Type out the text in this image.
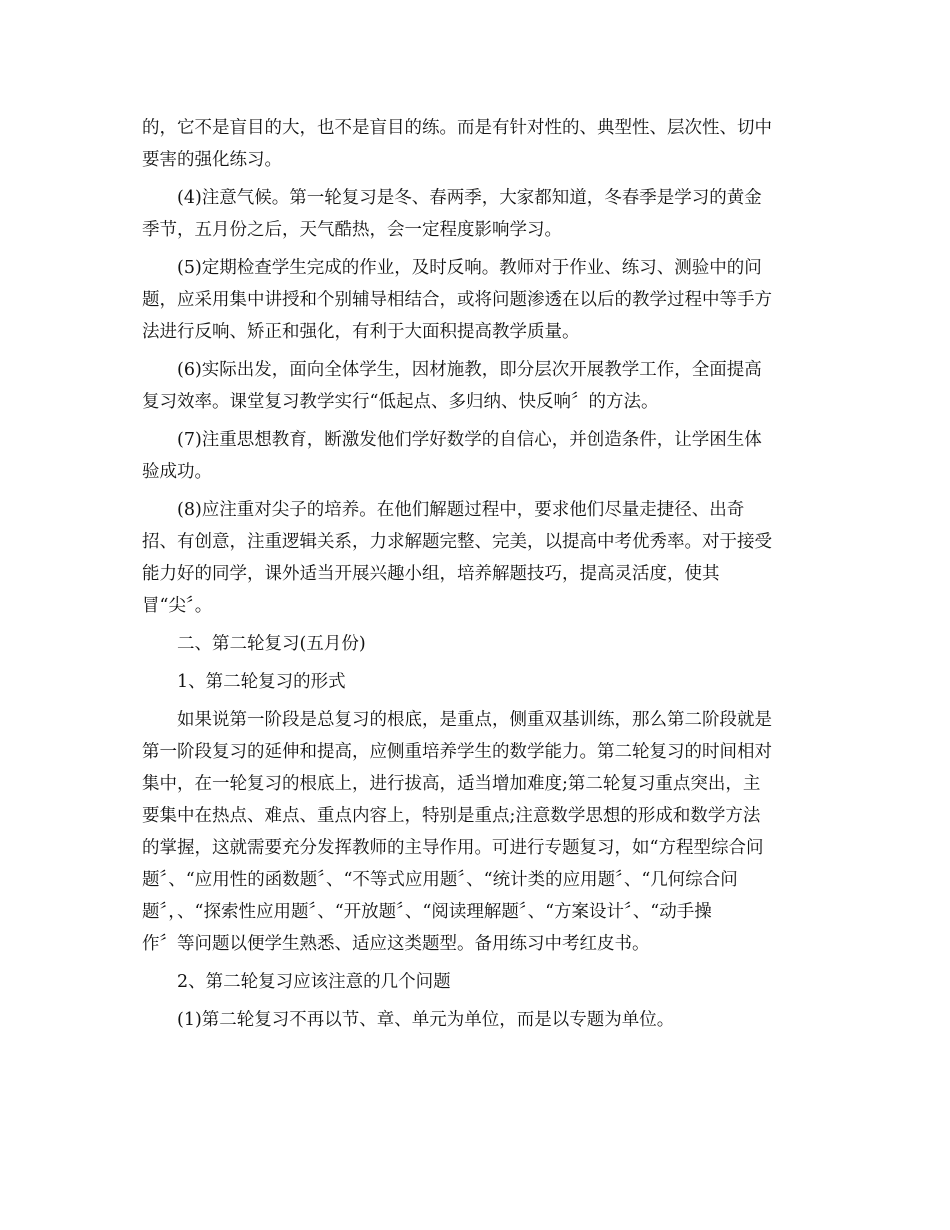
的，它不是盲目的大，也不是盲目的练。而是有针对性的、典型性、层次性、切中
要害的强化练习。
(4)注意气候。第一轮复习是冬、春两季，大家都知道，冬春季是学习的黄金
季节，五月份之后，天气酷热，会一定程度影响学习。
(5)定期检查学生完成的作业，及时反响。教师对于作业、练习、测验中的问
题，应采用集中讲授和个别辅导相结合，或将问题渗透在以后的教学过程中等手方
法进行反响、矫正和强化，有利于大面积提高教学质量。
(6)实际出发，面向全体学生，因材施教，即分层次开展教学工作，全面提高
复习效率。课堂复习教学实行“低起点、多归纳、快反响〞的方法。
(7)注重思想教育，断激发他们学好数学的自信心，并创造条件，让学困生体
验成功。
(8)应注重对尖子的培养。在他们解题过程中，要求他们尽量走捷径、出奇
招、有创意，注重逻辑关系，力求解题完整、完美，以提高中考优秀率。对于接受
能力好的同学，课外适当开展兴趣小组，培养解题技巧，提高灵活度，使其
冒“尖〞。
二、第二轮复习(五月份)
1、第二轮复习的形式
如果说第一阶段是总复习的根底，是重点，侧重双基训练，那么第二阶段就是
第一阶段复习的延伸和提高，应侧重培养学生的数学能力。第二轮复习的时间相对
集中，在一轮复习的根底上，进行拔高，适当增加难度;第二轮复习重点突出，主
要集中在热点、难点、重点内容上，特别是重点;注意数学思想的形成和数学方法
的掌握，这就需要充分发挥教师的主导作用。可进行专题复习，如“方程型综合问
题〞、“应用性的函数题〞、“不等式应用题〞、“统计类的应用题〞、“几何综合问
题〞，、“探索性应用题〞、“开放题〞、“阅读理解题〞、“方案设计〞、“动手操
作〞等问题以便学生熟悉、适应这类题型。备用练习中考红皮书。
2、第二轮复习应该注意的几个问题
(1)第二轮复习不再以节、章、单元为单位，而是以专题为单位。
